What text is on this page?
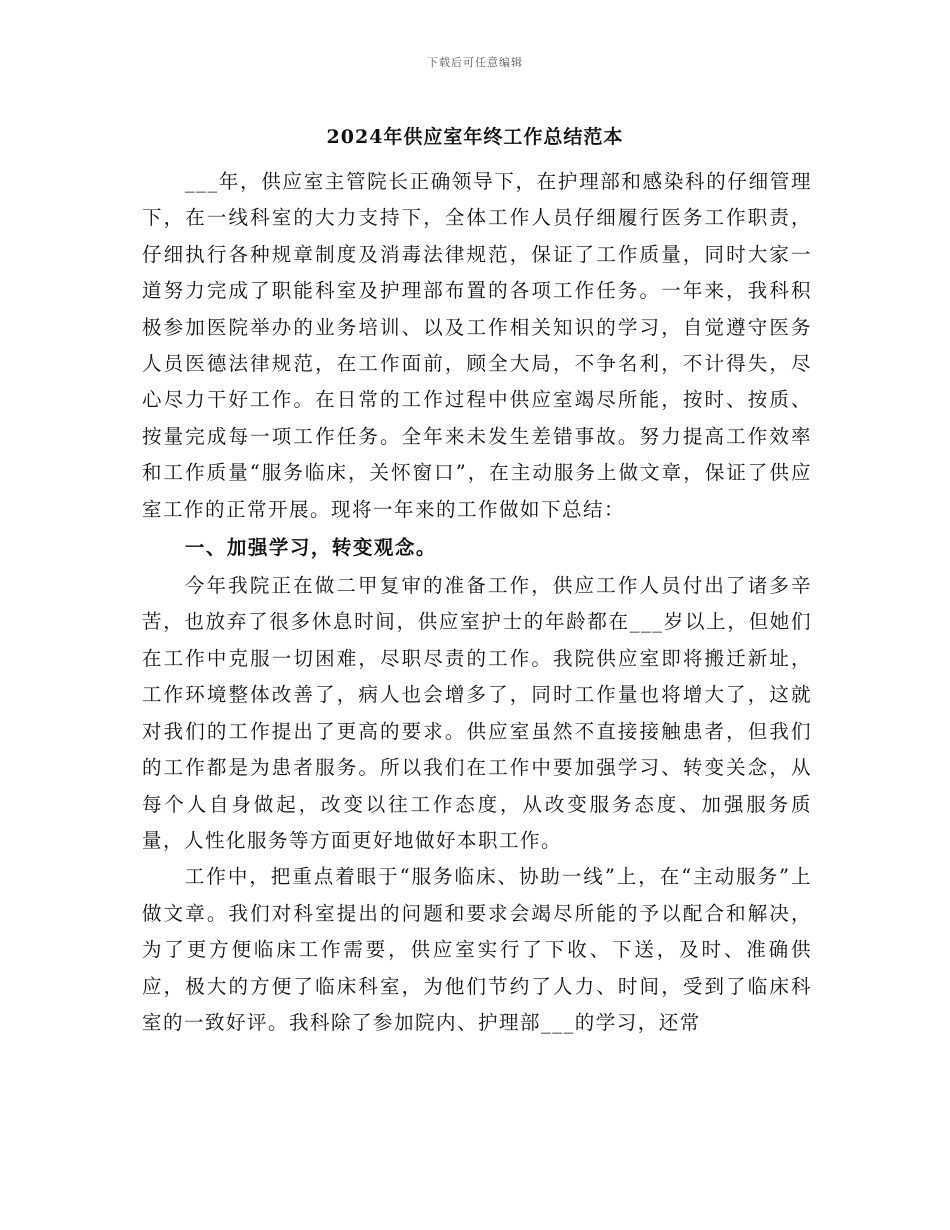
下载后可任意编辑
2024年供应室年终工作总结范本

___年，供应室主管院长正确领导下，在护理部和感染科的仔细管理下，在一线科室的大力支持下，全体工作人员仔细履行医务工作职责，仔细执行各种规章制度及消毒法律规范，保证了工作质量，同时大家一道努力完成了职能科室及护理部布置的各项工作任务。一年来，我科积极参加医院举办的业务培训、以及工作相关知识的学习，自觉遵守医务人员医德法律规范，在工作面前，顾全大局，不争名利，不计得失，尽心尽力干好工作。在日常的工作过程中供应室竭尽所能，按时、按质、按量完成每一项工作任务。全年来未发生差错事故。努力提高工作效率和工作质量“服务临床，关怀窗口”，在主动服务上做文章，保证了供应室工作的正常开展。现将一年来的工作做如下总结：

一、加强学习，转变观念。

今年我院正在做二甲复审的准备工作，供应工作人员付出了诸多辛苦，也放弃了很多休息时间，供应室护士的年龄都在___岁以上，但她们在工作中克服一切困难，尽职尽责的工作。我院供应室即将搬迁新址，工作环境整体改善了，病人也会增多了，同时工作量也将增大了，这就对我们的工作提出了更高的要求。供应室虽然不直接接触患者，但我们的工作都是为患者服务。所以我们在工作中要加强学习、转变关念，从每个人自身做起，改变以往工作态度，从改变服务态度、加强服务质量，人性化服务等方面更好地做好本职工作。

工作中，把重点着眼于“服务临床、协助一线”上，在“主动服务”上做文章。我们对科室提出的问题和要求会竭尽所能的予以配合和解决，为了更方便临床工作需要，供应室实行了下收、下送，及时、准确供应，极大的方便了临床科室，为他们节约了人力、时间，受到了临床科室的一致好评。我科除了参加院内、护理部___的学习，还常
